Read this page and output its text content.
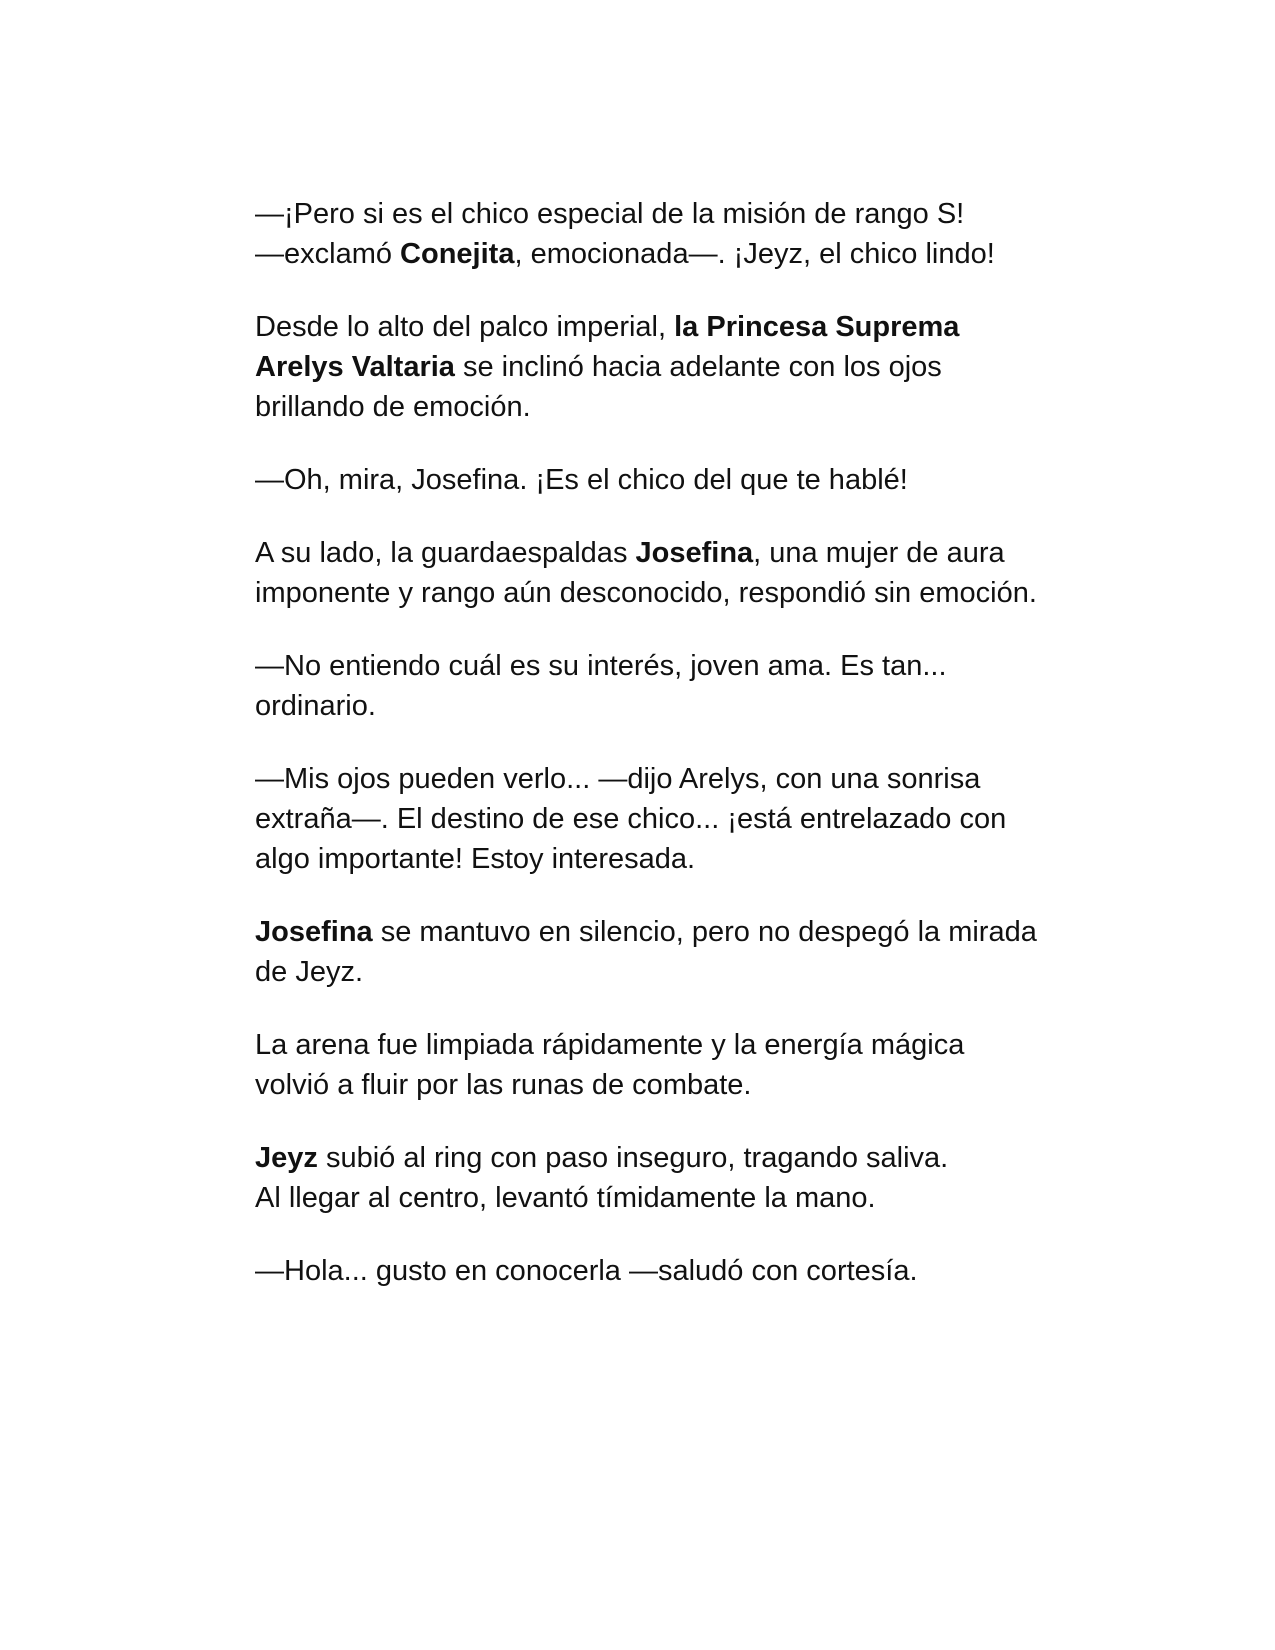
—¡Pero si es el chico especial de la misión de rango S!
—exclamó Conejita, emocionada—. ¡Jeyz, el chico lindo!

Desde lo alto del palco imperial, la Princesa Suprema Arelys Valtaria se inclinó hacia adelante con los ojos brillando de emoción.

—Oh, mira, Josefina. ¡Es el chico del que te hablé!

A su lado, la guardaespaldas Josefina, una mujer de aura imponente y rango aún desconocido, respondió sin emoción.

—No entiendo cuál es su interés, joven ama. Es tan... ordinario.

—Mis ojos pueden verlo... —dijo Arelys, con una sonrisa extraña—. El destino de ese chico... ¡está entrelazado con algo importante! Estoy interesada.

Josefina se mantuvo en silencio, pero no despegó la mirada de Jeyz.

La arena fue limpiada rápidamente y la energía mágica volvió a fluir por las runas de combate.

Jeyz subió al ring con paso inseguro, tragando saliva.
Al llegar al centro, levantó tímidamente la mano.

—Hola... gusto en conocerla —saludó con cortesía.
